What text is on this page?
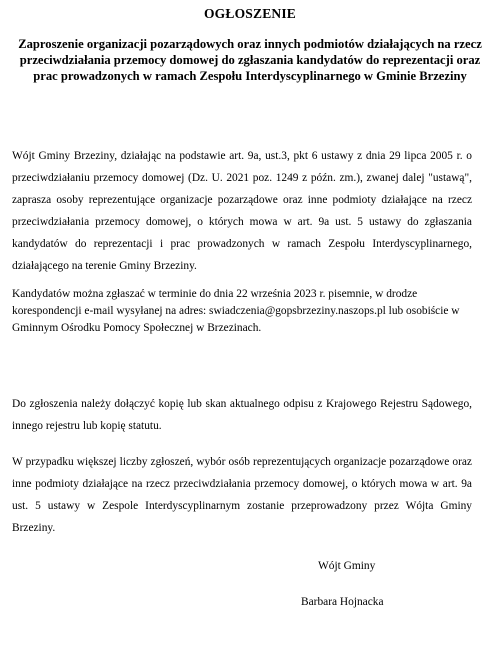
OGŁOSZENIE
Zaproszenie organizacji pozarządowych oraz innych podmiotów działających na rzecz przeciwdziałania przemocy domowej do zgłaszania kandydatów do reprezentacji oraz prac prowadzonych w ramach Zespołu Interdyscyplinarnego w Gminie Brzeziny

Wójt Gminy Brzeziny, działając na podstawie art. 9a, ust.3, pkt 6 ustawy z dnia 29 lipca 2005 r. o przeciwdziałaniu przemocy domowej (Dz. U. 2021 poz. 1249 z późn. zm.), zwanej dalej "ustawą", zaprasza osoby reprezentujące organizacje pozarządowe oraz inne podmioty działające na rzecz przeciwdziałania przemocy domowej, o których mowa w art. 9a ust. 5 ustawy do zgłaszania kandydatów do reprezentacji i prac prowadzonych w ramach Zespołu Interdyscyplinarnego, działającego na terenie Gminy Brzeziny.

Kandydatów można zgłaszać w terminie do dnia 22 września 2023 r. pisemnie, w drodze korespondencji e-mail wysyłanej na adres: swiadczenia@gopsbrzeziny.naszops.pl lub osobiście w Gminnym Ośrodku Pomocy Społecznej w Brzezinach.

Do zgłoszenia należy dołączyć kopię lub skan aktualnego odpisu z Krajowego Rejestru Sądowego, innego rejestru lub kopię statutu.

W przypadku większej liczby zgłoszeń, wybór osób reprezentujących organizacje pozarządowe oraz inne podmioty działające na rzecz przeciwdziałania przemocy domowej, o których mowa w art. 9a ust. 5 ustawy w Zespole Interdyscyplinarnym zostanie przeprowadzony przez Wójta Gminy Brzeziny.

Wójt Gminy
Barbara Hojnacka
